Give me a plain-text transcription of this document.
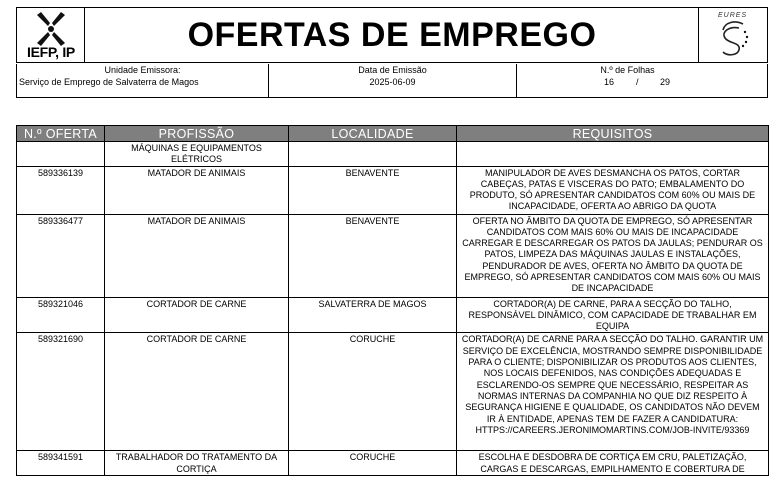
IEFP, IP	OFERTAS DE EMPREGO	EURES
Unidade Emissora:
Serviço de Emprego de Salvaterra de Magos
Data de Emissão
2025-06-09
N.º de Folhas
16 / 29
N.º OFERTA	PROFISSÃO	LOCALIDADE	REQUISITOS
	MÁQUINAS E EQUIPAMENTOS ELÉTRICOS		
589336139	MATADOR DE ANIMAIS	BENAVENTE	MANIPULADOR DE AVES DESMANCHA OS PATOS, CORTAR CABEÇAS, PATAS E VISCERAS DO PATO; EMBALAMENTO DO PRODUTO, SÓ APRESENTAR CANDIDATOS COM 60% OU MAIS DE INCAPACIDADE, OFERTA AO ABRIGO DA QUOTA
589336477	MATADOR DE ANIMAIS	BENAVENTE	OFERTA NO ÂMBITO DA QUOTA DE EMPREGO, SÓ APRESENTAR CANDIDATOS COM MAIS 60% OU MAIS DE INCAPACIDADE CARREGAR E DESCARREGAR OS PATOS DA JAULAS; PENDURAR OS PATOS, LIMPEZA DAS MÁQUINAS JAULAS E INSTALAÇÕES, PENDURADOR DE AVES, OFERTA NO ÂMBITO DA QUOTA DE EMPREGO, SÓ APRESENTAR CANDIDATOS COM MAIS 60% OU MAIS DE INCAPACIDADE
589321046	CORTADOR DE CARNE	SALVATERRA DE MAGOS	CORTADOR(A) DE CARNE, PARA A SECÇÃO DO TALHO, RESPONSÁVEL DINÂMICO, COM CAPACIDADE DE TRABALHAR EM EQUIPA
589321690	CORTADOR DE CARNE	CORUCHE	CORTADOR(A) DE CARNE PARA A SECÇÃO DO TALHO. GARANTIR UM SERVIÇO DE EXCELÊNCIA, MOSTRANDO SEMPRE DISPONIBILIDADE PARA O CLIENTE; DISPONIBILIZAR OS PRODUTOS AOS CLIENTES, NOS LOCAIS DEFENIDOS, NAS CONDIÇÕES ADEQUADAS E ESCLARENDO-OS SEMPRE QUE NECESSÁRIO, RESPEITAR AS NORMAS INTERNAS DA COMPANHIA NO QUE DIZ RESPEITO À SEGURANÇA HIGIENE E QUALIDADE, OS CANDIDATOS NÃO DEVEM IR À ENTIDADE, APENAS TEM DE FAZER A CANDIDATURA: HTTPS://CAREERS.JERONIMOMARTINS.COM/JOB-INVITE/93369
589341591	TRABALHADOR DO TRATAMENTO DA CORTIÇA	CORUCHE	ESCOLHA E DESDOBRA DE CORTIÇA EM CRU, PALETIZAÇÃO, CARGAS E DESCARGAS, EMPILHAMENTO E COBERTURA DE
